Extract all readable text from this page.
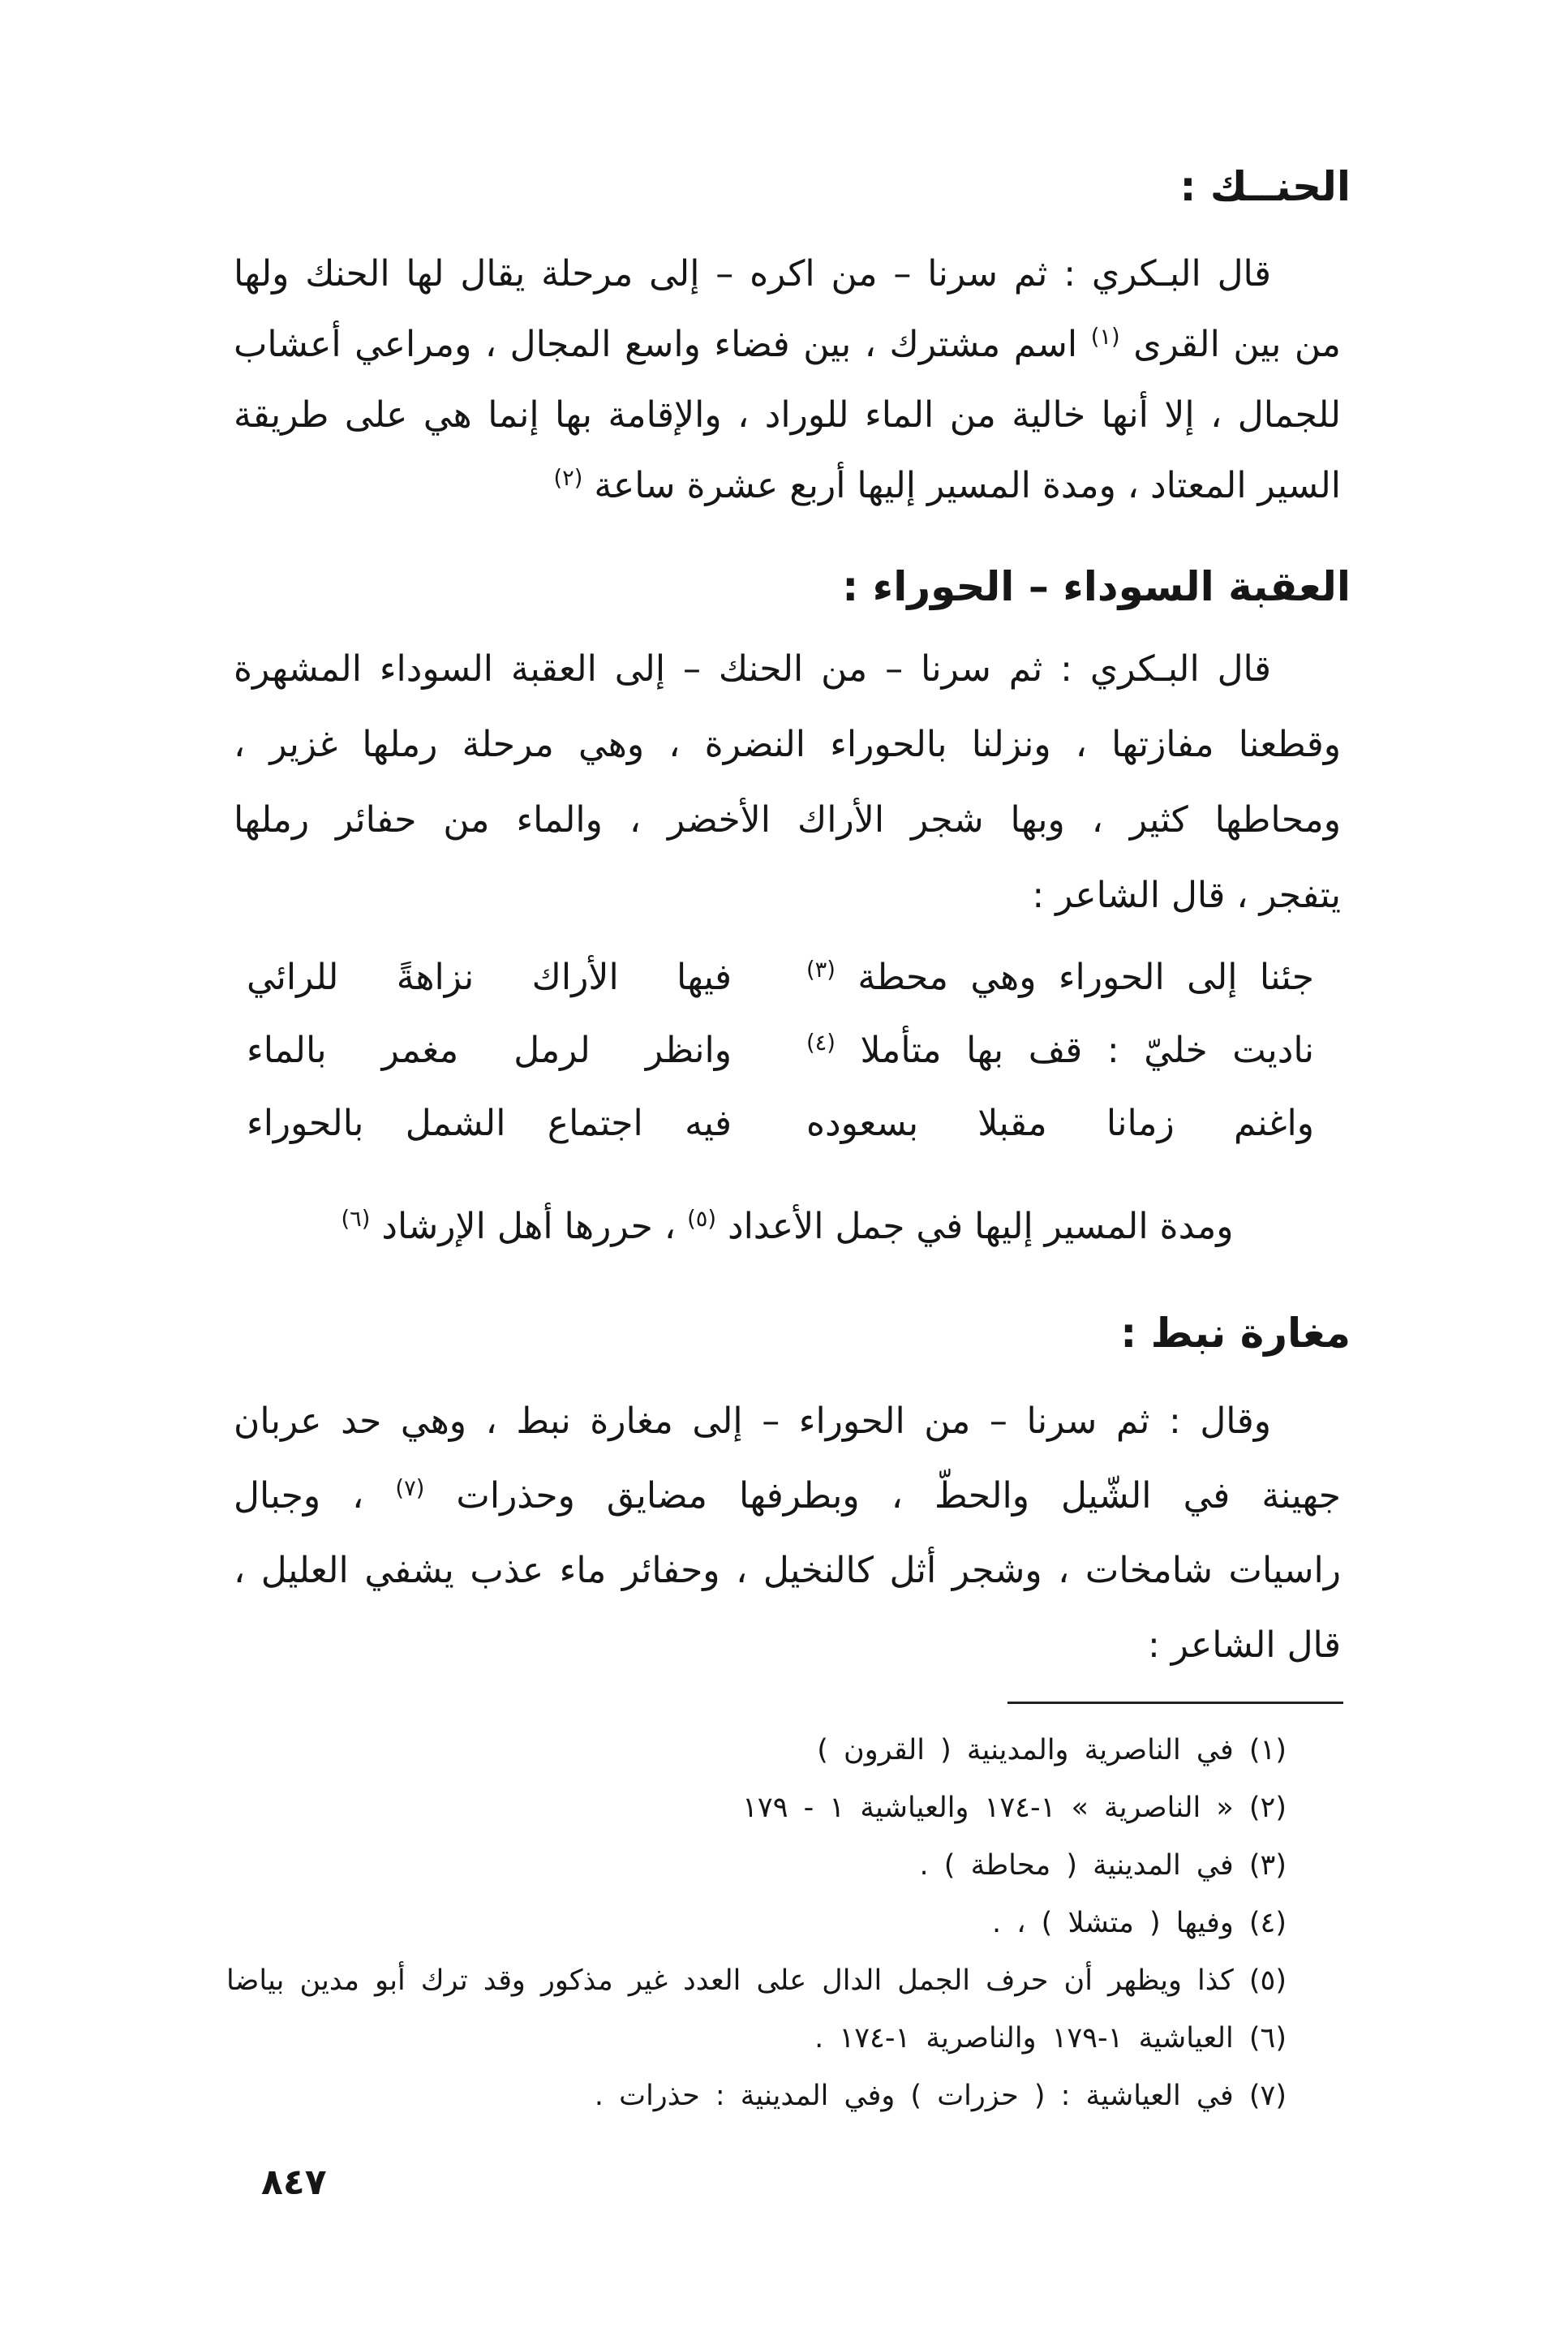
الحنــك :
قال البـكري : ثم سرنا – من اكره – إلى مرحلة يقال لها الحنك ولها
من بين القرى $^{(١)}$ اسم مشترك ، بين فضاء واسع المجال ، ومراعي أعشاب
للجمال ، إلا أنها خالية من الماء للوراد ، والإقامة بها إنما هي على طريقة
السير المعتاد ، ومدة المسير إليها أربع عشرة ساعة $^{(٢)}$
العقبة السوداء – الحوراء :
قال البـكري : ثم سرنا – من الحنك – إلى العقبة السوداء المشهرة
وقطعنا مفازتها ، ونزلنا بالحوراء النضرة ، وهي مرحلة رملها غزير ،
ومحاطها كثير ، وبها شجر الأراك الأخضر ، والماء من حفائر رملها
يتفجر ، قال الشاعر :
جئنا إلى الحوراء وهي محطة $^{(٣)}$
فيها الأراك نزاهةً للرائي
ناديت خليّ : قف بها متأملا $^{(٤)}$
وانظر لرمل مغمر بالماء
واغنم زمانا مقبلا بسعوده
فيه اجتماع الشمل بالحوراء
ومدة المسير إليها في جمل الأعداد $^{(٥)}$ ، حررها أهل الإرشاد $^{(٦)}$
مغارة نبط :
وقال : ثم سرنا – من الحوراء – إلى مغارة نبط ، وهي حد عربان
جهينة في الشّيل والحطّ ، وبطرفها مضايق وحذرات $^{(٧)}$ ، وجبال
راسيات شامخات ، وشجر أثل كالنخيل ، وحفائر ماء عذب يشفي العليل ،
قال الشاعر :
(١) في الناصرية والمدينية ( القرون )
(٢) « الناصرية » ١-١٧٤ والعياشية ١ - ١٧٩
(٣) في المدينية ( محاطة ) .
(٤) وفيها ( متشلا ) ، .
(٥) كذا ويظهر أن حرف الجمل الدال على العدد غير مذكور وقد ترك أبو مدين بياضا
(٦) العياشية ١-١٧٩ والناصرية ١-١٧٤ .
(٧) في العياشية : ( حزرات ) وفي المدينية : حذرات .
٨٤٧
